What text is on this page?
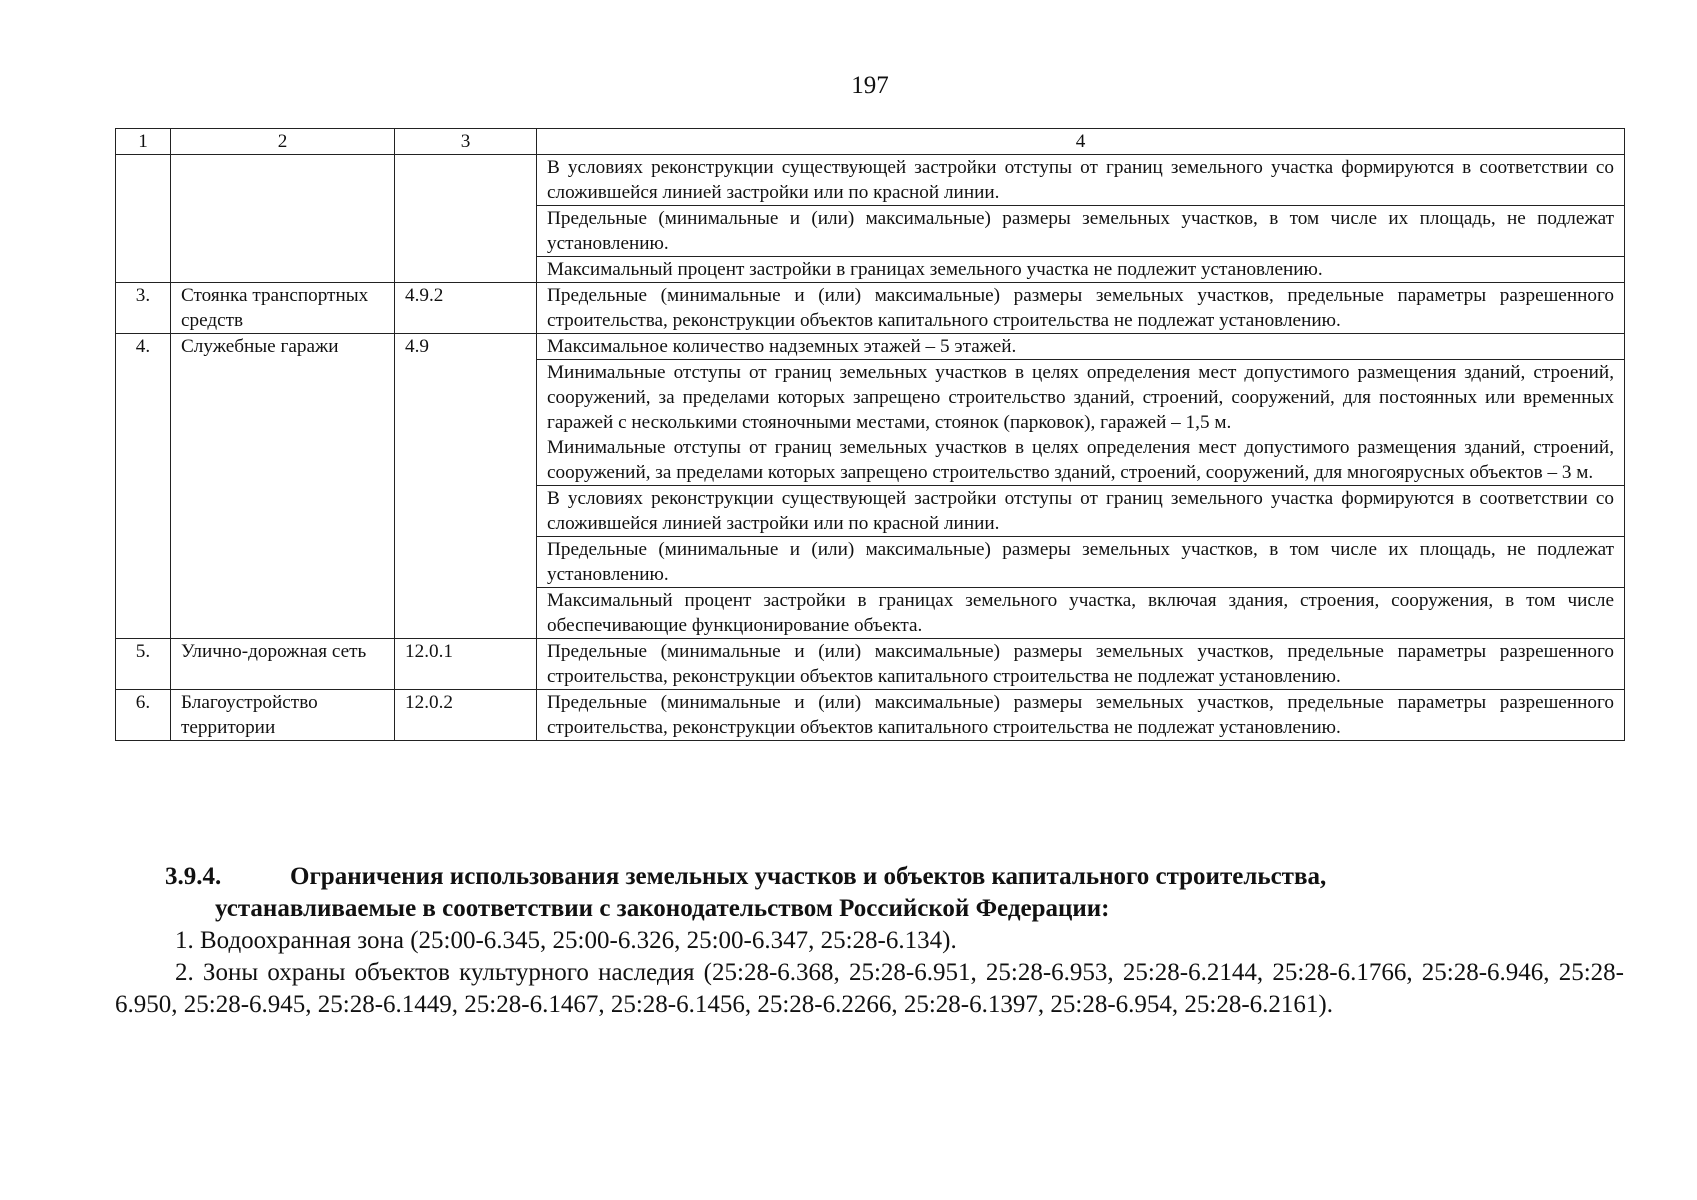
197
1	2	3	4
			В условиях реконструкции существующей застройки отступы от границ земельного участка формируются в соответствии со сложившейся линией застройки или по красной линии.
			Предельные (минимальные и (или) максимальные) размеры земельных участков, в том числе их площадь, не подлежат установлению.
			Максимальный процент застройки в границах земельного участка не подлежит установлению.
3.	Стоянка транспортных средств	4.9.2	Предельные (минимальные и (или) максимальные) размеры земельных участков, предельные параметры разрешенного строительства, реконструкции объектов капитального строительства не подлежат установлению.
4.	Служебные гаражи	4.9	Максимальное количество надземных этажей – 5 этажей.

			Минимальные отступы от границ земельных участков в целях определения мест допустимого размещения зданий, строений, сооружений, за пределами которых запрещено строительство зданий, строений, сооружений, для постоянных или временных гаражей с несколькими стояночными местами, стоянок (парковок), гаражей – 1,5 м.
Минимальные отступы от границ земельных участков в целях определения мест допустимого размещения зданий, строений, сооружений, за пределами которых запрещено строительство зданий, строений, сооружений, для многоярусных объектов – 3 м.

			В условиях реконструкции существующей застройки отступы от границ земельного участка формируются в соответствии со сложившейся линией застройки или по красной линии.
			Предельные (минимальные и (или) максимальные) размеры земельных участков, в том числе их площадь, не подлежат установлению.
			Максимальный процент застройки в границах земельного участка, включая здания, строения, сооружения, в том числе обеспечивающие функционирование объекта.
5.	Улично-дорожная сеть	12.0.1	Предельные (минимальные и (или) максимальные) размеры земельных участков, предельные параметры разрешенного строительства, реконструкции объектов капитального строительства не подлежат установлению.
6.	Благоустройство территории	12.0.2	Предельные (минимальные и (или) максимальные) размеры земельных участков, предельные параметры разрешенного строительства, реконструкции объектов капитального строительства не подлежат установлению.

3.9.4.	Ограничения использования земельных участков и объектов капитального строительства,
устанавливаемые в соответствии с законодательством Российской Федерации:

1. Водоохранная зона (25:00-6.345, 25:00-6.326, 25:00-6.347, 25:28-6.134).

2. Зоны охраны объектов культурного наследия (25:28-6.368, 25:28-6.951, 25:28-6.953, 25:28-6.2144, 25:28-6.1766, 25:28-6.946, 25:28-6.950, 25:28-6.945, 25:28-6.1449, 25:28-6.1467, 25:28-6.1456, 25:28-6.2266, 25:28-6.1397, 25:28-6.954, 25:28-6.2161).
